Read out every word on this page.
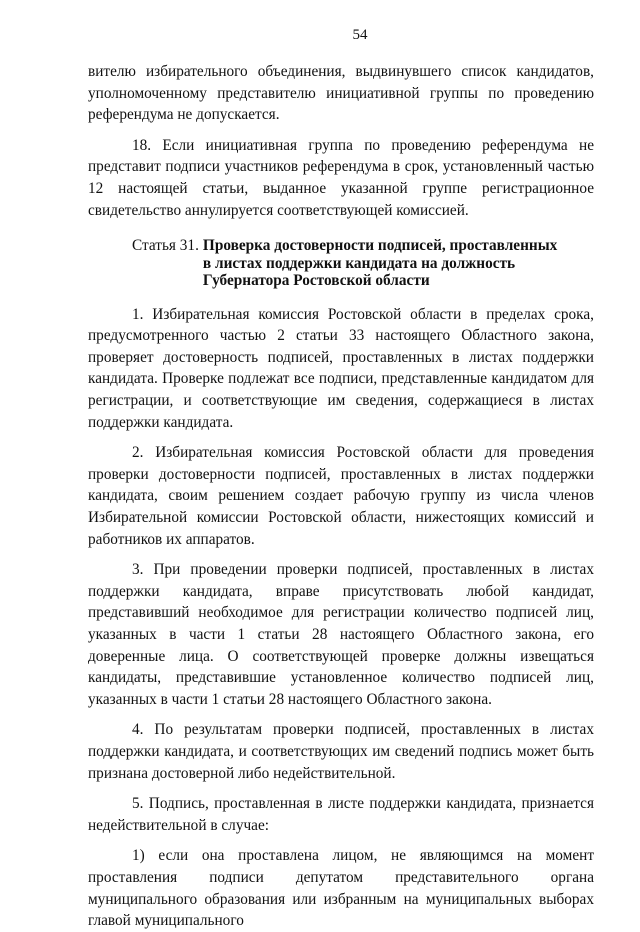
54

вителю избирательного объединения, выдвинувшего список кандидатов, уполномоченному представителю инициативной группы по проведению референдума не допускается.

18. Если инициативная группа по проведению референдума не представит подписи участников референдума в срок, установленный частью 12 настоящей статьи, выданное указанной группе регистрационное свидетельство аннулируется соответствующей комиссией.

Статья 31. Проверка достоверности подписей, проставленных
в листах поддержки кандидата на должность
Губернатора Ростовской области

1. Избирательная комиссия Ростовской области в пределах срока, предусмотренного частью 2 статьи 33 настоящего Областного закона, проверяет достоверность подписей, проставленных в листах поддержки кандидата. Проверке подлежат все подписи, представленные кандидатом для регистрации, и соответствующие им сведения, содержащиеся в листах поддержки кандидата.

2. Избирательная комиссия Ростовской области для проведения проверки достоверности подписей, проставленных в листах поддержки кандидата, своим решением создает рабочую группу из числа членов Избирательной комиссии Ростовской области, нижестоящих комиссий и работников их аппаратов.

3. При проведении проверки подписей, проставленных в листах поддержки кандидата, вправе присутствовать любой кандидат, представивший необходимое для регистрации количество подписей лиц, указанных в части 1 статьи 28 настоящего Областного закона, его доверенные лица. О соответствующей проверке должны извещаться кандидаты, представившие установленное количество подписей лиц, указанных в части 1 статьи 28 настоящего Областного закона.

4. По результатам проверки подписей, проставленных в листах поддержки кандидата, и соответствующих им сведений подпись может быть признана достоверной либо недействительной.

5. Подпись, проставленная в листе поддержки кандидата, признается недействительной в случае:

1) если она проставлена лицом, не являющимся на момент проставления подписи депутатом представительного органа муниципального образования или избранным на муниципальных выборах главой муниципального
